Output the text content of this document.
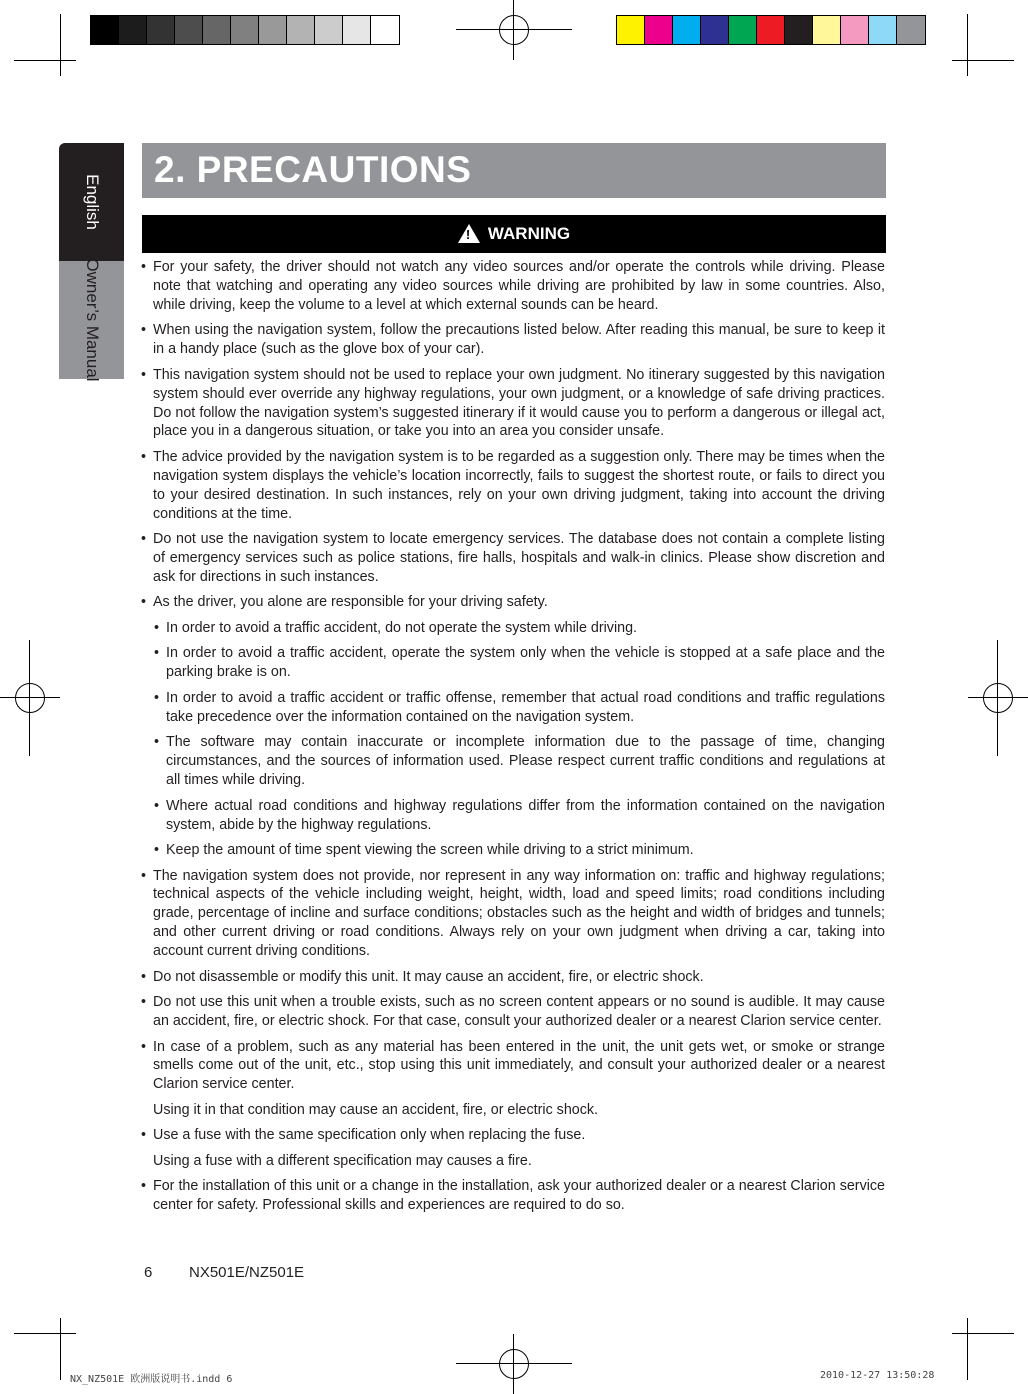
English
Owner’s Manual
2. PRECAUTIONS
!
WARNING
• For your safety, the driver should not watch any video sources and/or operate the controls while driving. Please note that watching and operating any video sources while driving are prohibited by law in some countries. Also, while driving, keep the volume to a level at which external sounds can be heard.
• When using the navigation system, follow the precautions listed below. After reading this manual, be sure to keep it in a handy place (such as the glove box of your car).
• This navigation system should not be used to replace your own judgment. No itinerary suggested by this navigation system should ever override any highway regulations, your own judgment, or a knowledge of safe driving practices. Do not follow the navigation system’s suggested itinerary if it would cause you to perform a dangerous or illegal act, place you in a dangerous situation, or take you into an area you consider unsafe.
• The advice provided by the navigation system is to be regarded as a suggestion only. There may be times when the navigation system displays the vehicle’s location incorrectly, fails to suggest the shortest route, or fails to direct you to your desired destination. In such instances, rely on your own driving judgment, taking into account the driving conditions at the time.
• Do not use the navigation system to locate emergency services. The database does not contain a complete listing of emergency services such as police stations, fire halls, hospitals and walk-in clinics. Please show discretion and ask for directions in such instances.
• As the driver, you alone are responsible for your driving safety.
• In order to avoid a traffic accident, do not operate the system while driving.
• In order to avoid a traffic accident, operate the system only when the vehicle is stopped at a safe place and the parking brake is on.
• In order to avoid a traffic accident or traffic offense, remember that actual road conditions and traffic regulations take precedence over the information contained on the navigation system.
• The software may contain inaccurate or incomplete information due to the passage of time, changing circumstances, and the sources of information used. Please respect current traffic conditions and regulations at all times while driving.
• Where actual road conditions and highway regulations differ from the information contained on the navigation system, abide by the highway regulations.
• Keep the amount of time spent viewing the screen while driving to a strict minimum.
• The navigation system does not provide, nor represent in any way information on: traffic and highway regulations; technical aspects of the vehicle including weight, height, width, load and speed limits; road conditions including grade, percentage of incline and surface conditions; obstacles such as the height and width of bridges and tunnels; and other current driving or road conditions. Always rely on your own judgment when driving a car, taking into account current driving conditions.
• Do not disassemble or modify this unit. It may cause an accident, fire, or electric shock.
• Do not use this unit when a trouble exists, such as no screen content appears or no sound is audible. It may cause an accident, fire, or electric shock. For that case, consult your authorized dealer or a nearest Clarion service center.
• In case of a problem, such as any material has been entered in the unit, the unit gets wet, or smoke or strange smells come out of the unit, etc., stop using this unit immediately, and consult your authorized dealer or a nearest Clarion service center.
Using it in that condition may cause an accident, fire, or electric shock.
• Use a fuse with the same specification only when replacing the fuse.
Using a fuse with a different specification may causes a fire.
• For the installation of this unit or a change in the installation, ask your authorized dealer or a nearest Clarion service center for safety. Professional skills and experiences are required to do so.
6 NX501E/NZ501E
NX_NZ501E 欧洲版说明书.indd 6	2010-12-27 13:50:28
